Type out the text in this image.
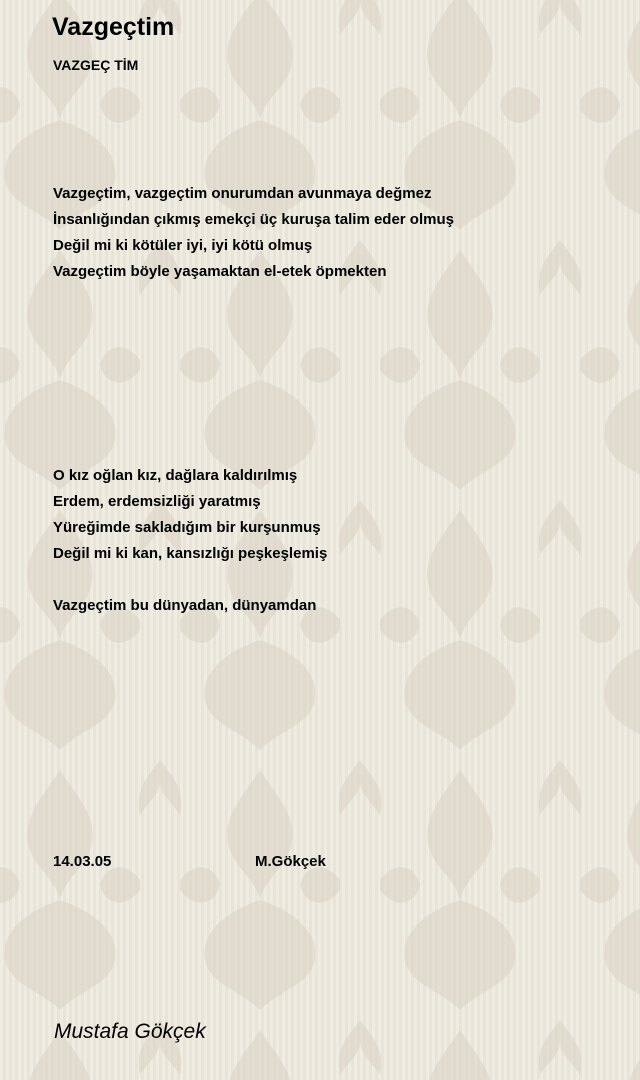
Vazgeçtim
VAZGEÇ TİM
Vazgeçtim, vazgeçtim onurumdan avunmaya değmez
İnsanlığından çıkmış emekçi üç kuruşa talim eder olmuş
Değil mi ki kötüler iyi, iyi kötü olmuş
Vazgeçtim böyle yaşamaktan el-etek öpmekten
O kız oğlan kız, dağlara kaldırılmış
Erdem, erdemsizliği yaratmış
Yüreğimde sakladığım bir kurşunmuş
Değil mi ki kan, kansızlığı peşkeşlemiş
Vazgeçtim bu dünyadan, dünyamdan
14.03.05	M.Gökçek
Mustafa Gökçek
